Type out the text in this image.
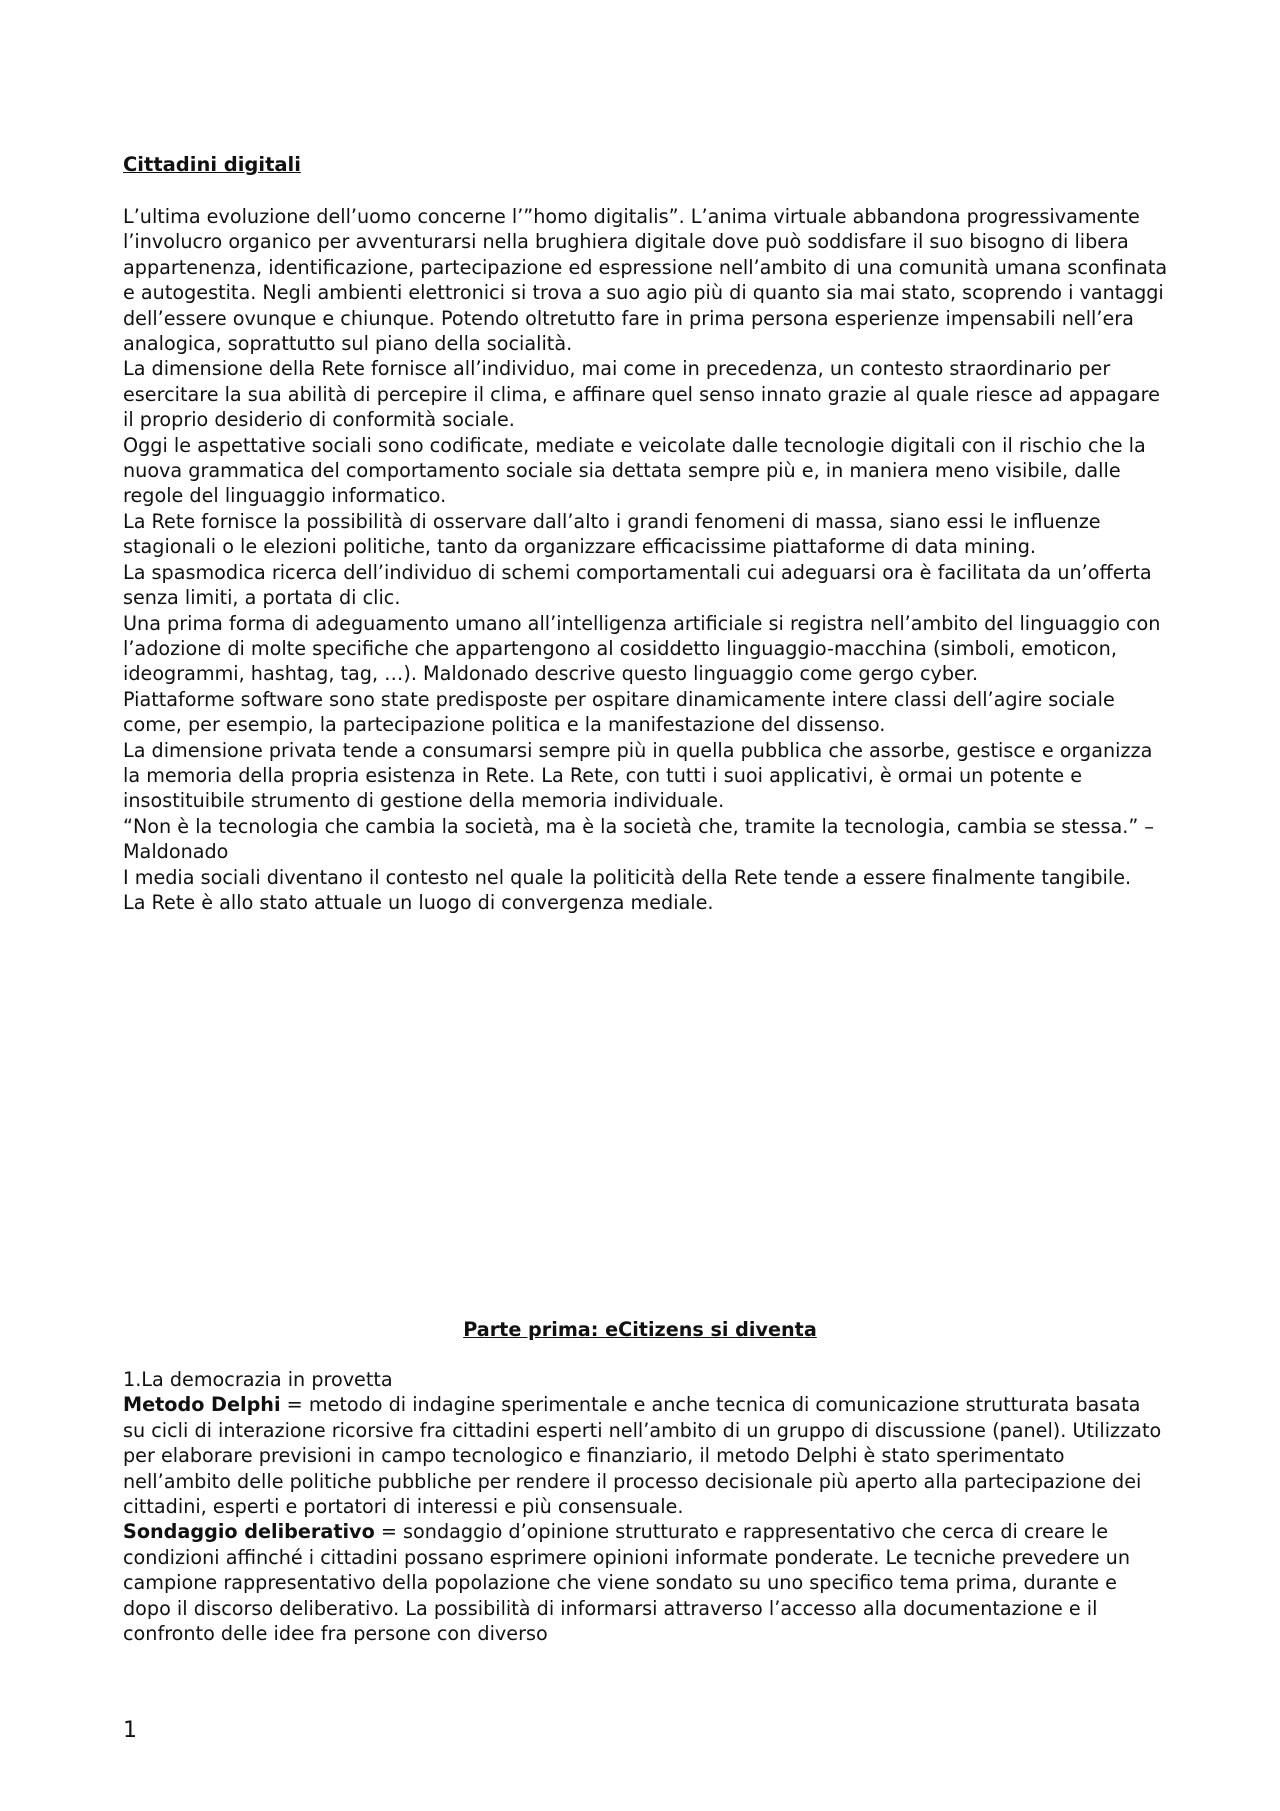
Cittadini digitali

L’ultima evoluzione dell’uomo concerne l’”homo digitalis”. L’anima virtuale abbandona progressivamente l’involucro organico per avventurarsi nella brughiera digitale dove può soddisfare il suo bisogno di libera appartenenza, identificazione, partecipazione ed espressione nell’ambito di una comunità umana sconfinata e autogestita. Negli ambienti elettronici si trova a suo agio più di quanto sia mai stato, scoprendo i vantaggi dell’essere ovunque e chiunque. Potendo oltretutto fare in prima persona esperienze impensabili nell’era analogica, soprattutto sul piano della socialità.

La dimensione della Rete fornisce all’individuo, mai come in precedenza, un contesto straordinario per esercitare la sua abilità di percepire il clima, e affinare quel senso innato grazie al quale riesce ad appagare il proprio desiderio di conformità sociale.

Oggi le aspettative sociali sono codificate, mediate e veicolate dalle tecnologie digitali con il rischio che la nuova grammatica del comportamento sociale sia dettata sempre più e, in maniera meno visibile, dalle regole del linguaggio informatico.

La Rete fornisce la possibilità di osservare dall’alto i grandi fenomeni di massa, siano essi le influenze stagionali o le elezioni politiche, tanto da organizzare efficacissime piattaforme di data mining.

La spasmodica ricerca dell’individuo di schemi comportamentali cui adeguarsi ora è facilitata da un’offerta senza limiti, a portata di clic.

Una prima forma di adeguamento umano all’intelligenza artificiale si registra nell’ambito del linguaggio con l’adozione di molte specifiche che appartengono al cosiddetto linguaggio-macchina (simboli, emoticon, ideogrammi, hashtag, tag, …). Maldonado descrive questo linguaggio come gergo cyber.

Piattaforme software sono state predisposte per ospitare dinamicamente intere classi dell’agire sociale come, per esempio, la partecipazione politica e la manifestazione del dissenso.

La dimensione privata tende a consumarsi sempre più in quella pubblica che assorbe, gestisce e organizza la memoria della propria esistenza in Rete. La Rete, con tutti i suoi applicativi, è ormai un potente e insostituibile strumento di gestione della memoria individuale.

“Non è la tecnologia che cambia la società, ma è la società che, tramite la tecnologia, cambia se stessa.” – Maldonado

I media sociali diventano il contesto nel quale la politicità della Rete tende a essere finalmente tangibile.

La Rete è allo stato attuale un luogo di convergenza mediale.

Parte prima: eCitizens si diventa

1.La democrazia in provetta

Metodo Delphi = metodo di indagine sperimentale e anche tecnica di comunicazione strutturata basata su cicli di interazione ricorsive fra cittadini esperti nell’ambito di un gruppo di discussione (panel). Utilizzato per elaborare previsioni in campo tecnologico e finanziario, il metodo Delphi è stato sperimentato nell’ambito delle politiche pubbliche per rendere il processo decisionale più aperto alla partecipazione dei cittadini, esperti e portatori di interessi e più consensuale.

Sondaggio deliberativo = sondaggio d’opinione strutturato e rappresentativo che cerca di creare le condizioni affinché i cittadini possano esprimere opinioni informate ponderate. Le tecniche prevedere un campione rappresentativo della popolazione che viene sondato su uno specifico tema prima, durante e dopo il discorso deliberativo. La possibilità di informarsi attraverso l’accesso alla documentazione e il confronto delle idee fra persone con diverso

1
